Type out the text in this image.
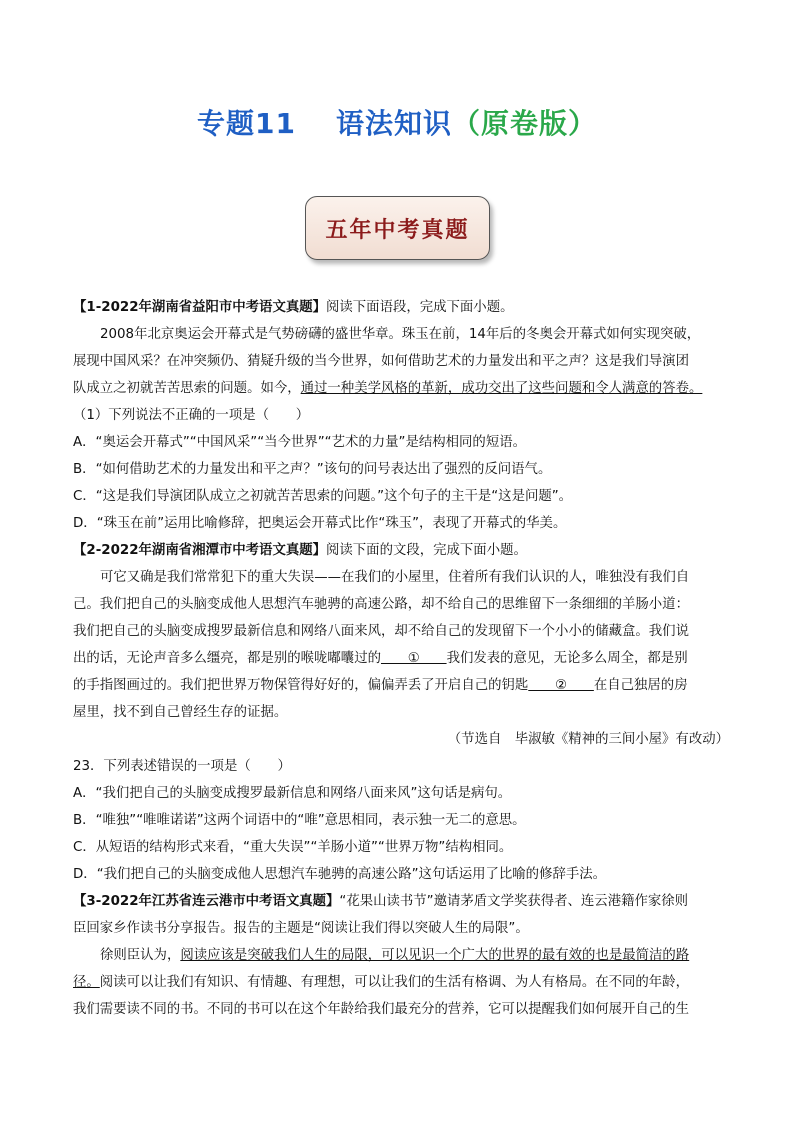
专题11 语法知识（原卷版）
五年中考真题
【1-2022年湖南省益阳市中考语文真题】阅读下面语段，完成下面小题。
2008年北京奥运会开幕式是气势磅礴的盛世华章。珠玉在前，14年后的冬奥会开幕式如何实现突破，
展现中国风采？在冲突频仍、猜疑升级的当今世界，如何借助艺术的力量发出和平之声？这是我们导演团
队成立之初就苦苦思索的问题。如今，通过一种美学风格的革新，成功交出了这些问题和令人满意的答卷。
（1）下列说法不正确的一项是（　　）
A．“奥运会开幕式”“中国风采”“当今世界”“艺术的力量”是结构相同的短语。
B．“如何借助艺术的力量发出和平之声？”该句的问号表达出了强烈的反问语气。
C．“这是我们导演团队成立之初就苦苦思索的问题。”这个句子的主干是“这是问题”。
D．“珠玉在前”运用比喻修辞，把奥运会开幕式比作“珠玉”，表现了开幕式的华美。
【2-2022年湖南省湘潭市中考语文真题】阅读下面的文段，完成下面小题。
可它又确是我们常常犯下的重大失误——在我们的小屋里，住着所有我们认识的人，唯独没有我们自
己。我们把自己的头脑变成他人思想汽车驰骋的高速公路，却不给自己的思维留下一条细细的羊肠小道：
我们把自己的头脑变成搜罗最新信息和网络八面来风，却不给自己的发现留下一个小小的储藏盒。我们说
出的话，无论声音多么缰亮，都是别的喉咙嘟囔过的　　①　　我们发表的意见，无论多么周全，都是别
的手指图画过的。我们把世界万物保管得好好的，偏偏弄丢了开启自己的钥匙　　②　　在自己独居的房
屋里，找不到自己曾经生存的证据。
（节选自　毕淑敏《精神的三间小屋》有改动）
23．下列表述错误的一项是（　　）
A．“我们把自己的头脑变成搜罗最新信息和网络八面来风”这句话是病句。
B．“唯独”“唯唯诺诺”这两个词语中的“唯”意思相同，表示独一无二的意思。
C．从短语的结构形式来看，“重大失误”“羊肠小道”“世界万物”结构相同。
D．“我们把自己的头脑变成他人思想汽车驰骋的高速公路”这句话运用了比喻的修辞手法。
【3-2022年江苏省连云港市中考语文真题】“花果山读书节”邀请茅盾文学奖获得者、连云港籍作家徐则
臣回家乡作读书分享报告。报告的主题是“阅读让我们得以突破人生的局限”。
徐则臣认为，阅读应该是突破我们人生的局限，可以见识一个广大的世界的最有效的也是最简洁的路
径。阅读可以让我们有知识、有情趣、有理想，可以让我们的生活有格调、为人有格局。在不同的年龄，
我们需要读不同的书。不同的书可以在这个年龄给我们最充分的营养，它可以提醒我们如何展开自己的生
